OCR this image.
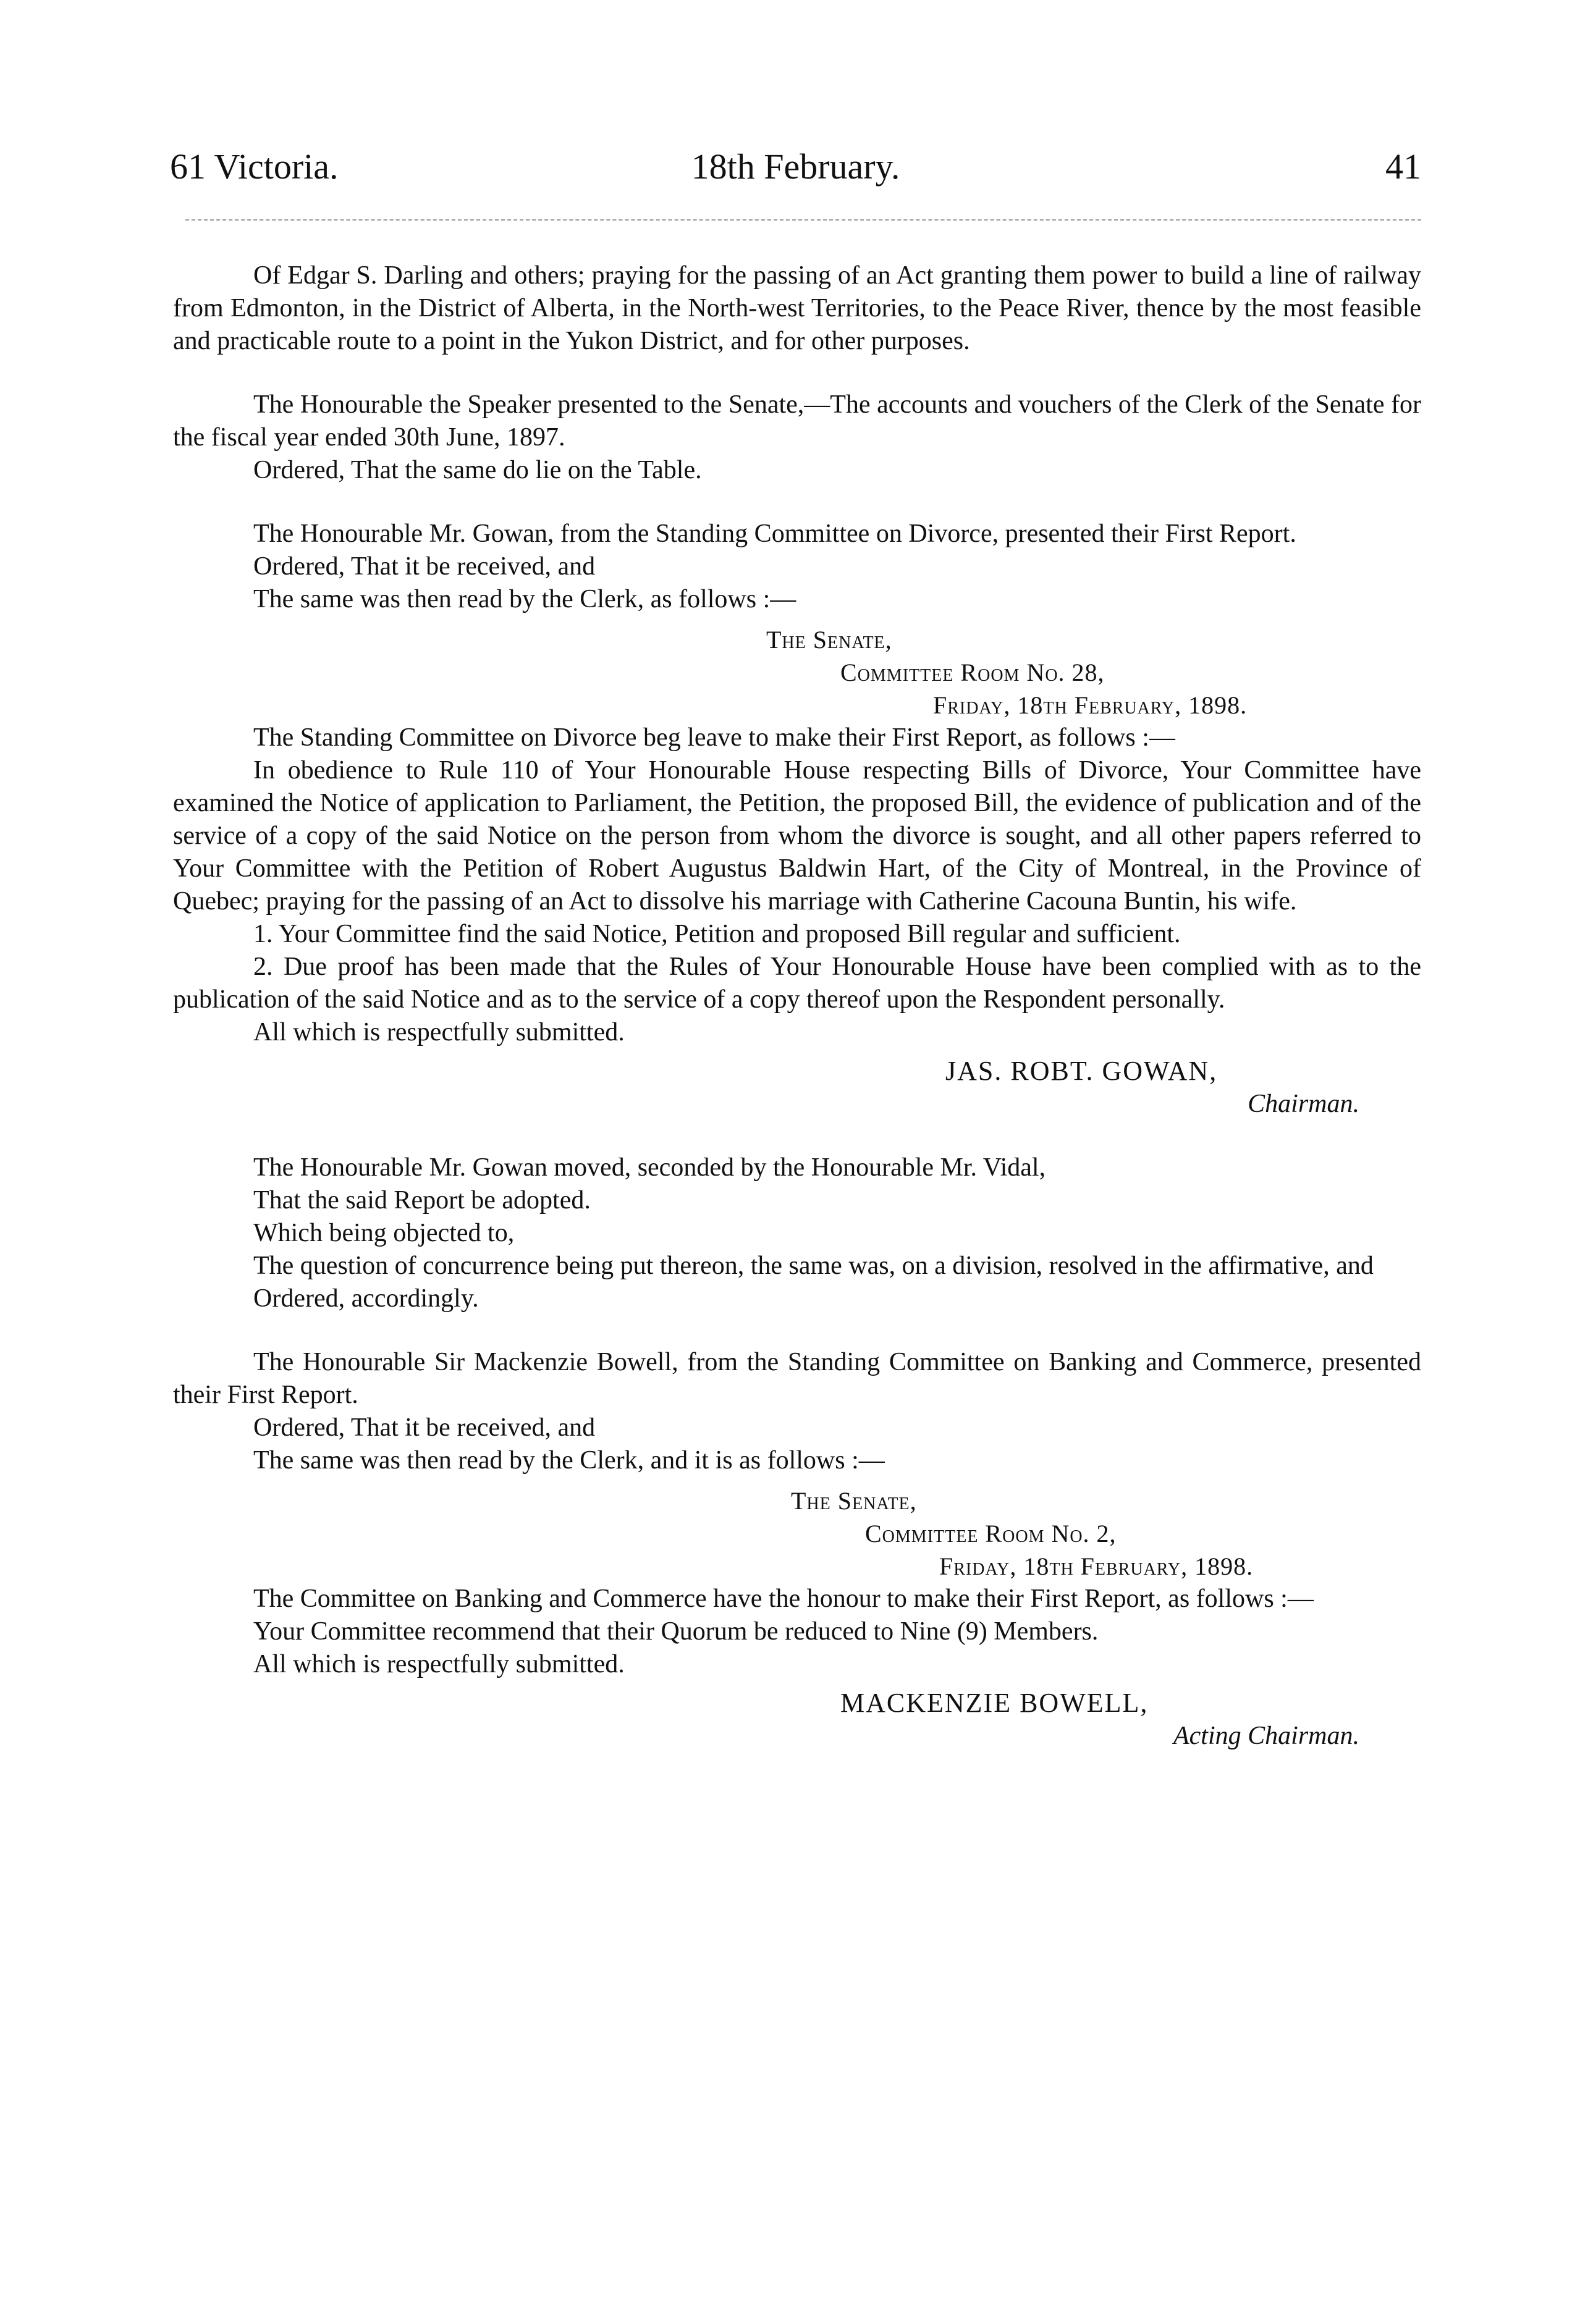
61 Victoria.	18th February.	41

Of Edgar S. Darling and others; praying for the passing of an Act granting them power to build a line of railway from Edmonton, in the District of Alberta, in the North-west Territories, to the Peace River, thence by the most feasible and practicable route to a point in the Yukon District, and for other purposes.

The Honourable the Speaker presented to the Senate,—The accounts and vouchers of the Clerk of the Senate for the fiscal year ended 30th June, 1897.

Ordered, That the same do lie on the Table.

The Honourable Mr. Gowan, from the Standing Committee on Divorce, presented their First Report.

Ordered, That it be received, and

The same was then read by the Clerk, as follows :—

The Senate,
Committee Room No. 28,
Friday, 18th February, 1898.

The Standing Committee on Divorce beg leave to make their First Report, as follows :—

In obedience to Rule 110 of Your Honourable House respecting Bills of Divorce, Your Committee have examined the Notice of application to Parliament, the Petition, the proposed Bill, the evidence of publication and of the service of a copy of the said Notice on the person from whom the divorce is sought, and all other papers referred to Your Committee with the Petition of Robert Augustus Baldwin Hart, of the City of Montreal, in the Province of Quebec; praying for the passing of an Act to dissolve his marriage with Catherine Cacouna Buntin, his wife.

1. Your Committee find the said Notice, Petition and proposed Bill regular and sufficient.

2. Due proof has been made that the Rules of Your Honourable House have been complied with as to the publication of the said Notice and as to the service of a copy thereof upon the Respondent personally.

All which is respectfully submitted.

JAS. ROBT. GOWAN,
Chairman.

The Honourable Mr. Gowan moved, seconded by the Honourable Mr. Vidal,

That the said Report be adopted.

Which being objected to,

The question of concurrence being put thereon, the same was, on a division, resolved in the affirmative, and

Ordered, accordingly.

The Honourable Sir Mackenzie Bowell, from the Standing Committee on Banking and Commerce, presented their First Report.

Ordered, That it be received, and

The same was then read by the Clerk, and it is as follows :—

The Senate,
Committee Room No. 2,
Friday, 18th February, 1898.

The Committee on Banking and Commerce have the honour to make their First Report, as follows :—

Your Committee recommend that their Quorum be reduced to Nine (9) Members.

All which is respectfully submitted.

MACKENZIE BOWELL,
Acting Chairman.
